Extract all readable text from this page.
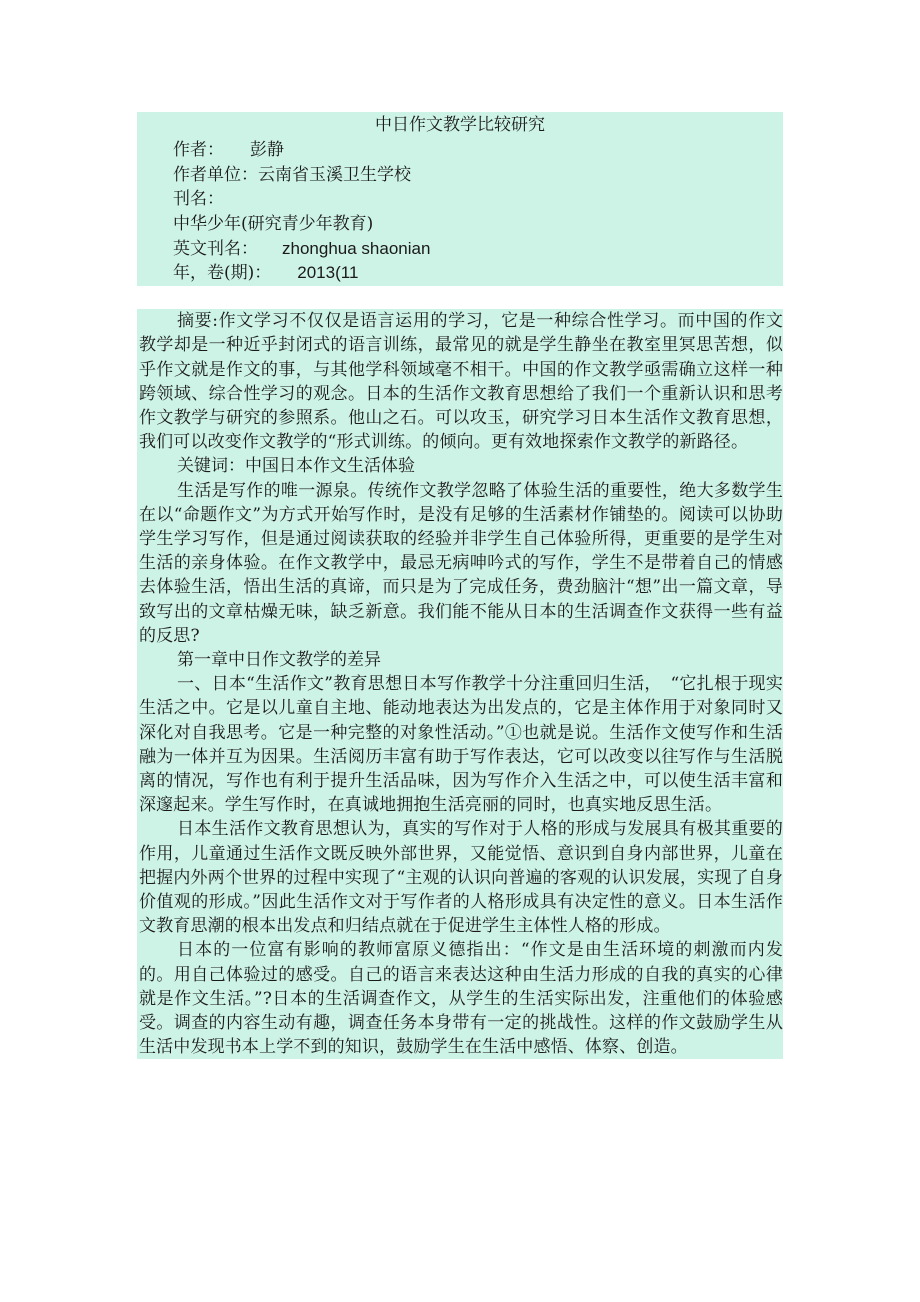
中日作文教学比较研究
作者： 彭静
作者单位：云南省玉溪卫生学校
刊名：
中华少年(研究青少年教育)
英文刊名： zhonghua shaonian
年，卷(期)： 2013(11

摘要:作文学习不仅仅是语言运用的学习，它是一种综合性学习。而中国的作文教学却是一种近乎封闭式的语言训练，最常见的就是学生静坐在教室里冥思苦想，似乎作文就是作文的事，与其他学科领域毫不相干。中国的作文教学亟需确立这样一种跨领域、综合性学习的观念。日本的生活作文教育思想给了我们一个重新认识和思考作文教学与研究的参照系。他山之石。可以攻玉，研究学习日本生活作文教育思想，我们可以改变作文教学的“形式训练。的倾向。更有效地探索作文教学的新路径。

关键词：中国日本作文生活体验

生活是写作的唯一源泉。传统作文教学忽略了体验生活的重要性，绝大多数学生在以“命题作文”为方式开始写作时，是没有足够的生活素材作铺垫的。阅读可以协助学生学习写作，但是通过阅读获取的经验并非学生自己体验所得，更重要的是学生对生活的亲身体验。在作文教学中，最忌无病呻吟式的写作，学生不是带着自己的情感去体验生活，悟出生活的真谛，而只是为了完成任务，费劲脑汁“想”出一篇文章，导致写出的文章枯燥无味，缺乏新意。我们能不能从日本的生活调查作文获得一些有益的反思?

第一章中日作文教学的差异

一、日本“生活作文”教育思想日本写作教学十分注重回归生活，　“它扎根于现实生活之中。它是以儿童自主地、能动地表达为出发点的，它是主体作用于对象同时又深化对自我思考。它是一种完整的对象性活动。”①也就是说。生活作文使写作和生活融为一体并互为因果。生活阅历丰富有助于写作表达，它可以改变以往写作与生活脱离的情况，写作也有利于提升生活品味，因为写作介入生活之中，可以使生活丰富和深邃起来。学生写作时，在真诚地拥抱生活亮丽的同时，也真实地反思生活。

日本生活作文教育思想认为，真实的写作对于人格的形成与发展具有极其重要的作用，儿童通过生活作文既反映外部世界，又能觉悟、意识到自身内部世界，儿童在把握内外两个世界的过程中实现了“主观的认识向普遍的客观的认识发展，实现了自身价值观的形成。”因此生活作文对于写作者的人格形成具有决定性的意义。日本生活作文教育思潮的根本出发点和归结点就在于促进学生主体性人格的形成。

日本的一位富有影响的教师富原义德指出：“作文是由生活环境的刺激而内发的。用自己体验过的感受。自己的语言来表达这种由生活力形成的自我的真实的心律就是作文生活。”?日本的生活调查作文，从学生的生活实际出发，注重他们的体验感受。调查的内容生动有趣，调查任务本身带有一定的挑战性。这样的作文鼓励学生从生活中发现书本上学不到的知识，鼓励学生在生活中感悟、体察、创造。
